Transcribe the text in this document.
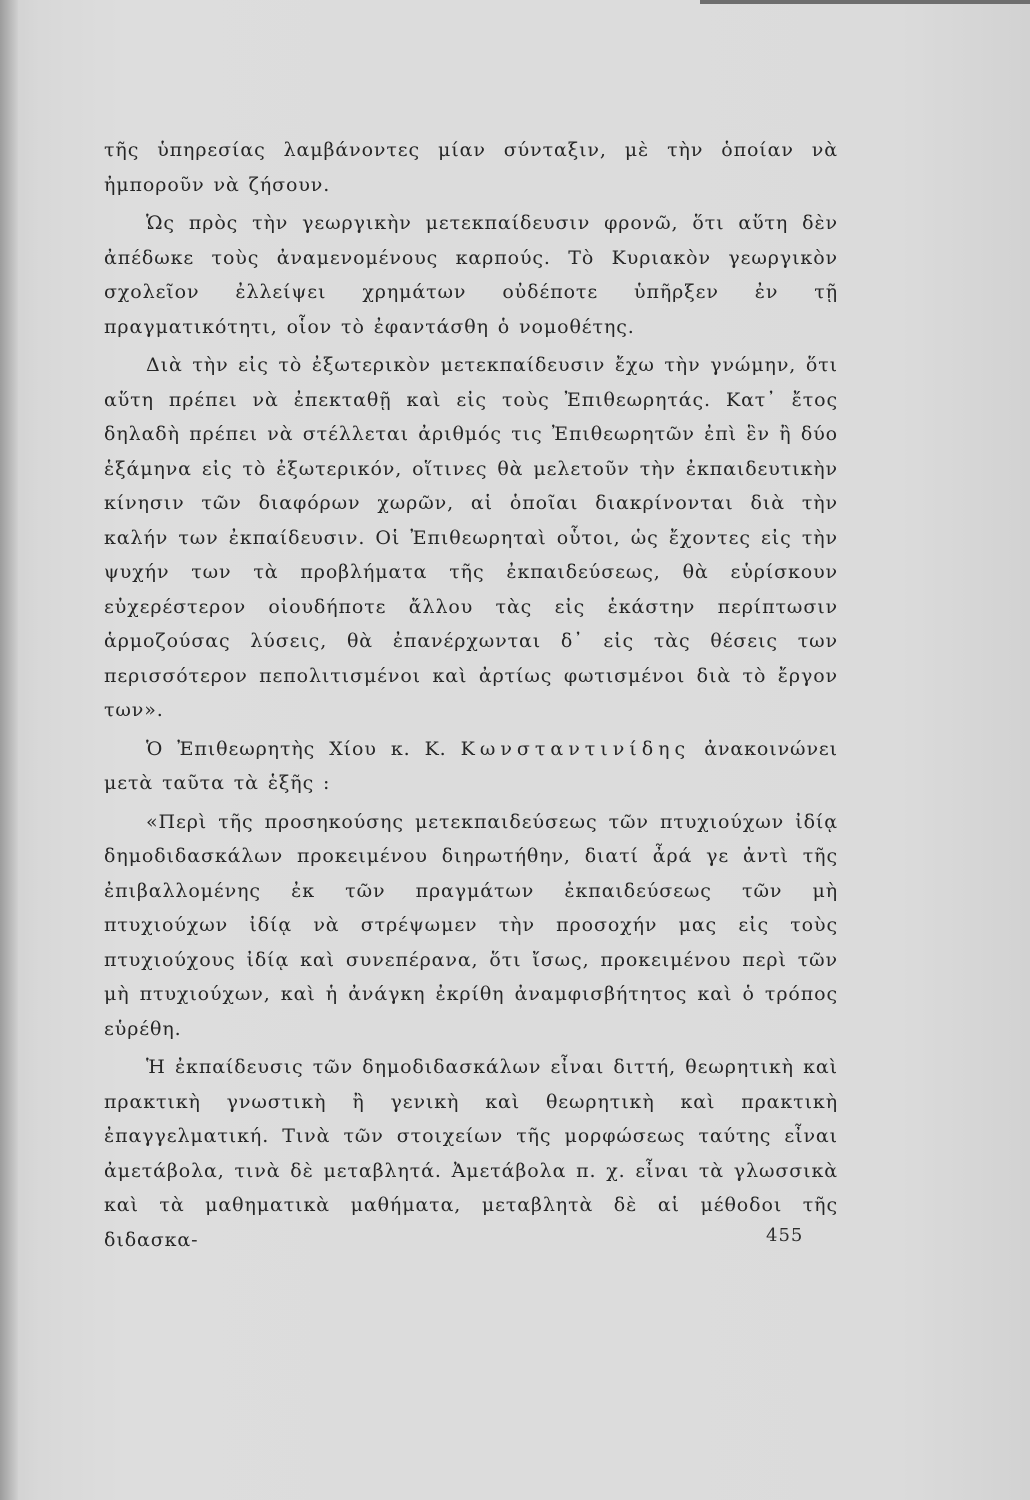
τῆς ὑπηρεσίας λαμβάνοντες μίαν σύνταξιν, μὲ τὴν ὁποίαν νὰ ἠμποροῦν νὰ ζήσουν.

Ὡς πρὸς τὴν γεωργικὴν μετεκπαίδευσιν φρονῶ, ὅτι αὕτη δὲν ἀπέδωκε τοὺς ἀναμενομένους καρπούς. Τὸ Κυριακὸν γεωργικὸν σχολεῖον ἐλλείψει χρημάτων οὐδέποτε ὑπῆρξεν ἐν τῇ πραγματικότητι, οἷον τὸ ἐφαντάσθη ὁ νομοθέτης.

Διὰ τὴν εἰς τὸ ἐξωτερικὸν μετεκπαίδευσιν ἔχω τὴν γνώμην, ὅτι αὕτη πρέπει νὰ ἐπεκταθῇ καὶ εἰς τοὺς Ἐπιθεωρητάς. Κατ᾿ ἔτος δηλαδὴ πρέπει νὰ στέλλεται ἀριθμός τις Ἐπιθεωρητῶν ἐπὶ ἓν ἢ δύο ἑξάμηνα εἰς τὸ ἐξωτερικόν, οἵτινες θὰ μελετοῦν τὴν ἐκπαιδευτικὴν κίνησιν τῶν διαφόρων χωρῶν, αἱ ὁποῖαι διακρίνονται διὰ τὴν καλήν των ἐκπαίδευσιν. Οἱ Ἐπιθεωρηταὶ οὗτοι, ὡς ἔχοντες εἰς τὴν ψυχήν των τὰ προβλήματα τῆς ἐκπαιδεύσεως, θὰ εὑρίσκουν εὐχερέστερον οἰουδήποτε ἄλλου τὰς εἰς ἑκάστην περίπτωσιν ἁρμοζούσας λύσεις, θὰ ἐπανέρχωνται δ᾿ εἰς τὰς θέσεις των περισσότερον πεπολιτισμένοι καὶ ἀρτίως φωτισμένοι διὰ τὸ ἔργον των».

Ὁ Ἐπιθεωρητὴς Χίου κ. Κ. Κωνσταντινίδης ἀνακοινώνει μετὰ ταῦτα τὰ ἑξῆς :

«Περὶ τῆς προσηκούσης μετεκπαιδεύσεως τῶν πτυχιούχων ἰδίᾳ δημοδιδασκάλων προκειμένου διηρωτήθην, διατί ἆρά γε ἀντὶ τῆς ἐπιβαλλομένης ἐκ τῶν πραγμάτων ἐκπαιδεύσεως τῶν μὴ πτυχιούχων ἰδίᾳ νὰ στρέψωμεν τὴν προσοχήν μας εἰς τοὺς πτυχιούχους ἰδίᾳ καὶ συνεπέρανα, ὅτι ἴσως, προκειμένου περὶ τῶν μὴ πτυχιούχων, καὶ ἡ ἀνάγκη ἐκρίθη ἀναμφισβήτητος καὶ ὁ τρόπος εὑρέθη.

Ἡ ἐκπαίδευσις τῶν δημοδιδασκάλων εἶναι διττή, θεωρητικὴ καὶ πρακτικὴ γνωστικὴ ἢ γενικὴ καὶ θεωρητικὴ καὶ πρακτικὴ ἐπαγγελματική. Τινὰ τῶν στοιχείων τῆς μορφώσεως ταύτης εἶναι ἀμετάβολα, τινὰ δὲ μεταβλητά. Ἀμετάβολα π. χ. εἶναι τὰ γλωσσικὰ καὶ τὰ μαθηματικὰ μαθήματα, μεταβλητὰ δὲ αἱ μέθοδοι τῆς διδασκα-	455
